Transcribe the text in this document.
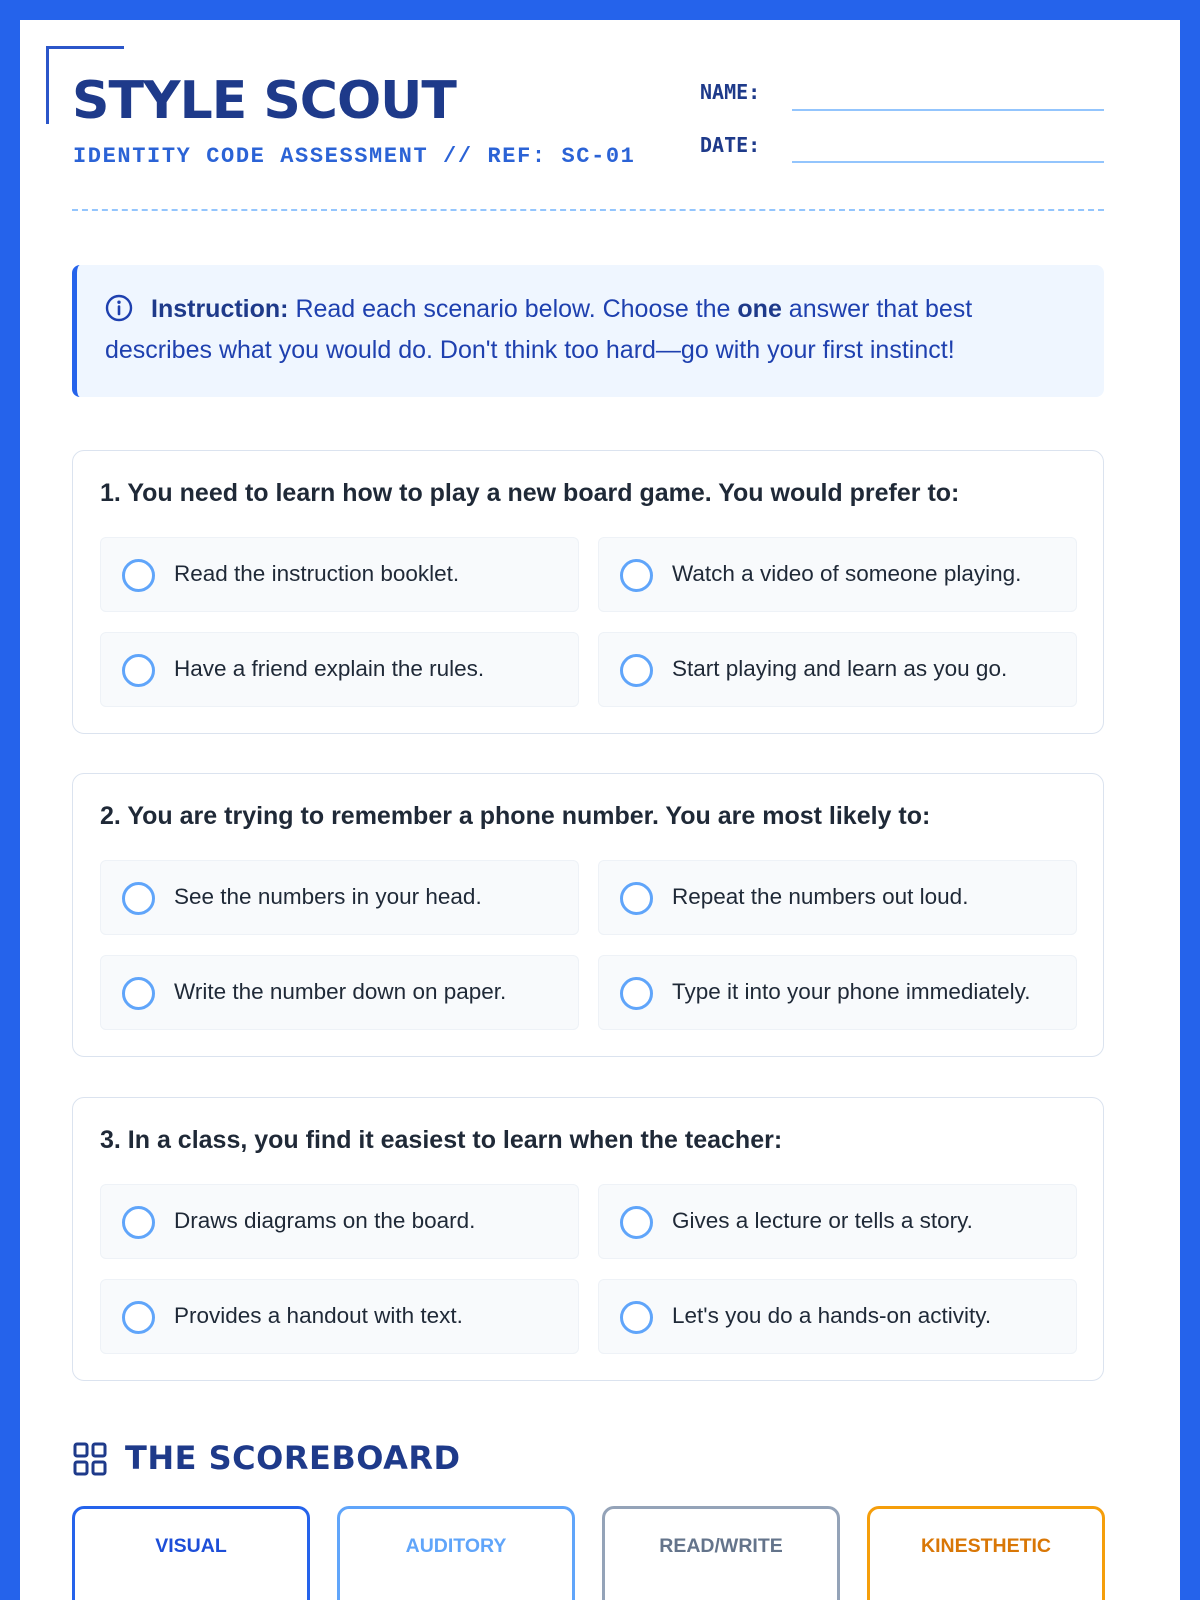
STYLE SCOUT
IDENTITY CODE ASSESSMENT // REF: SC-01
NAME:
DATE:
Instruction: Read each scenario below. Choose the one answer that best describes what you would do. Don't think too hard—go with your first instinct!
1. You need to learn how to play a new board game. You would prefer to:
Read the instruction booklet.	Watch a video of someone playing.
Have a friend explain the rules.	Start playing and learn as you go.
2. You are trying to remember a phone number. You are most likely to:
See the numbers in your head.	Repeat the numbers out loud.
Write the number down on paper.	Type it into your phone immediately.
3. In a class, you find it easiest to learn when the teacher:
Draws diagrams on the board.	Gives a lecture or tells a story.
Provides a handout with text.	Let's you do a hands-on activity.
THE SCOREBOARD
VISUAL	AUDITORY	READ/WRITE	KINESTHETIC
